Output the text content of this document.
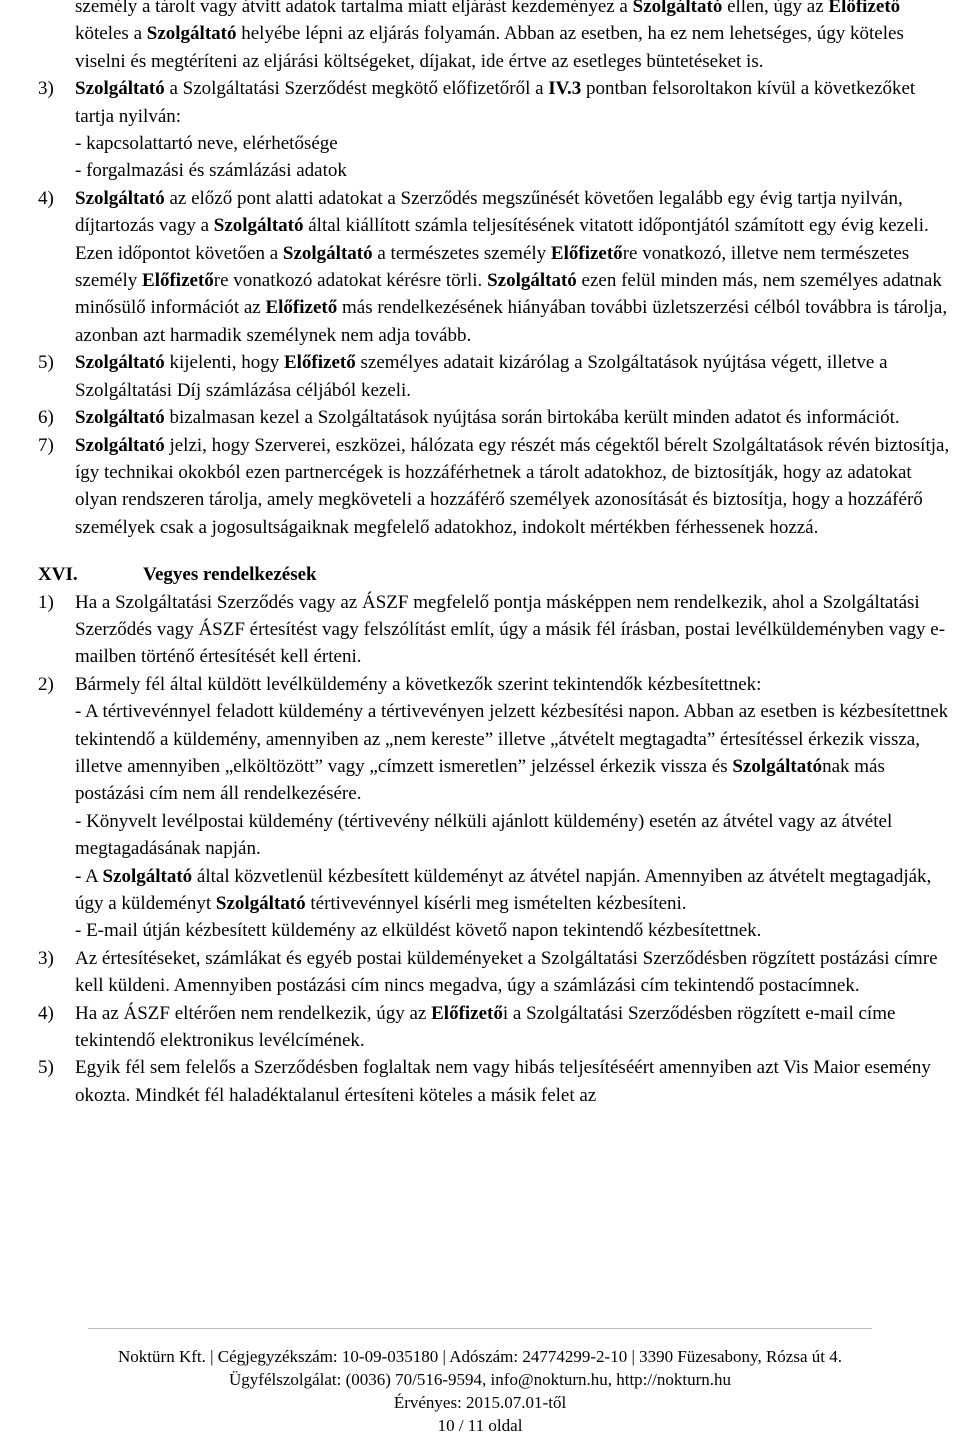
személy a tárolt vagy átvitt adatok tartalma miatt eljárást kezdeményez a Szolgáltató ellen, úgy az Előfizető köteles a Szolgáltató helyébe lépni az eljárás folyamán. Abban az esetben, ha ez nem lehetséges, úgy köteles viselni és megtéríteni az eljárási költségeket, díjakat, ide értve az esetleges büntetéseket is.

3)	Szolgáltató a Szolgáltatási Szerződést megkötő előfizetőről a IV.3 pontban felsoroltakon kívül a következőket tartja nyilván:
- kapcsolattartó neve, elérhetősége
- forgalmazási és számlázási adatok
4)	Szolgáltató az előző pont alatti adatokat a Szerződés megszűnését követően legalább egy évig tartja nyilván, díjtartozás vagy a Szolgáltató által kiállított számla teljesítésének vitatott időpontjától számított egy évig kezeli. Ezen időpontot követően a Szolgáltató a természetes személy Előfizetőre vonatkozó, illetve nem természetes személy Előfizetőre vonatkozó adatokat kérésre törli. Szolgáltató ezen felül minden más, nem személyes adatnak minősülő információt az Előfizető más rendelkezésének hiányában további üzletszerzési célból továbbra is tárolja, azonban azt harmadik személynek nem adja tovább.
5)	Szolgáltató kijelenti, hogy Előfizető személyes adatait kizárólag a Szolgáltatások nyújtása végett, illetve a Szolgáltatási Díj számlázása céljából kezeli.
6)	Szolgáltató bizalmasan kezel a Szolgáltatások nyújtása során birtokába került minden adatot és információt.
7)	Szolgáltató jelzi, hogy Szerverei, eszközei, hálózata egy részét más cégektől bérelt Szolgáltatások révén biztosítja, így technikai okokból ezen partnercégek is hozzáférhetnek a tárolt adatokhoz, de biztosítják, hogy az adatokat olyan rendszeren tárolja, amely megköveteli a hozzáférő személyek azonosítását és biztosítja, hogy a hozzáférő személyek csak a jogosultságaiknak megfelelő adatokhoz, indokolt mértékben férhessenek hozzá.
XVI.	Vegyes rendelkezések
1)	Ha a Szolgáltatási Szerződés vagy az ÁSZF megfelelő pontja másképpen nem rendelkezik, ahol a Szolgáltatási Szerződés vagy ÁSZF értesítést vagy felszólítást említ, úgy a másik fél írásban, postai levélküldeményben vagy e-mailben történő értesítését kell érteni.
2)	Bármely fél által küldött levélküldemény a következők szerint tekintendők kézbesítettnek:
- A tértivevénnyel feladott küldemény a tértivevényen jelzett kézbesítési napon. Abban az esetben is kézbesítettnek tekintendő a küldemény, amennyiben az „nem kereste” illetve „átvételt megtagadta” értesítéssel érkezik vissza, illetve amennyiben „elköltözött” vagy „címzett ismeretlen” jelzéssel érkezik vissza és Szolgáltatónak más postázási cím nem áll rendelkezésére.
- Könyvelt levélpostai küldemény (tértivevény nélküli ajánlott küldemény) esetén az átvétel vagy az átvétel megtagadásának napján.
- A Szolgáltató által közvetlenül kézbesített küldeményt az átvétel napján. Amennyiben az átvételt megtagadják, úgy a küldeményt Szolgáltató tértivevénnyel kísérli meg ismételten kézbesíteni.
- E-mail útján kézbesített küldemény az elküldést követő napon tekintendő kézbesítettnek.
3)	Az értesítéseket, számlákat és egyéb postai küldeményeket a Szolgáltatási Szerződésben rögzített postázási címre kell küldeni. Amennyiben postázási cím nincs megadva, úgy a számlázási cím tekintendő postacímnek.
4)	Ha az ÁSZF eltérően nem rendelkezik, úgy az Előfizetői a Szolgáltatási Szerződésben rögzített e-mail címe tekintendő elektronikus levélcímének.
5)	Egyik fél sem felelős a Szerződésben foglaltak nem vagy hibás teljesítéséért amennyiben azt Vis Maior esemény okozta. Mindkét fél haladéktalanul értesíteni köteles a másik felet az
Noktürn Kft. | Cégjegyzékszám: 10-09-035180 | Adószám: 24774299-2-10 | 3390 Füzesabony, Rózsa út 4.
Ügyfélszolgálat: (0036) 70/516-9594, info@nokturn.hu, http://nokturn.hu
Érvényes: 2015.07.01-től
10 / 11 oldal
